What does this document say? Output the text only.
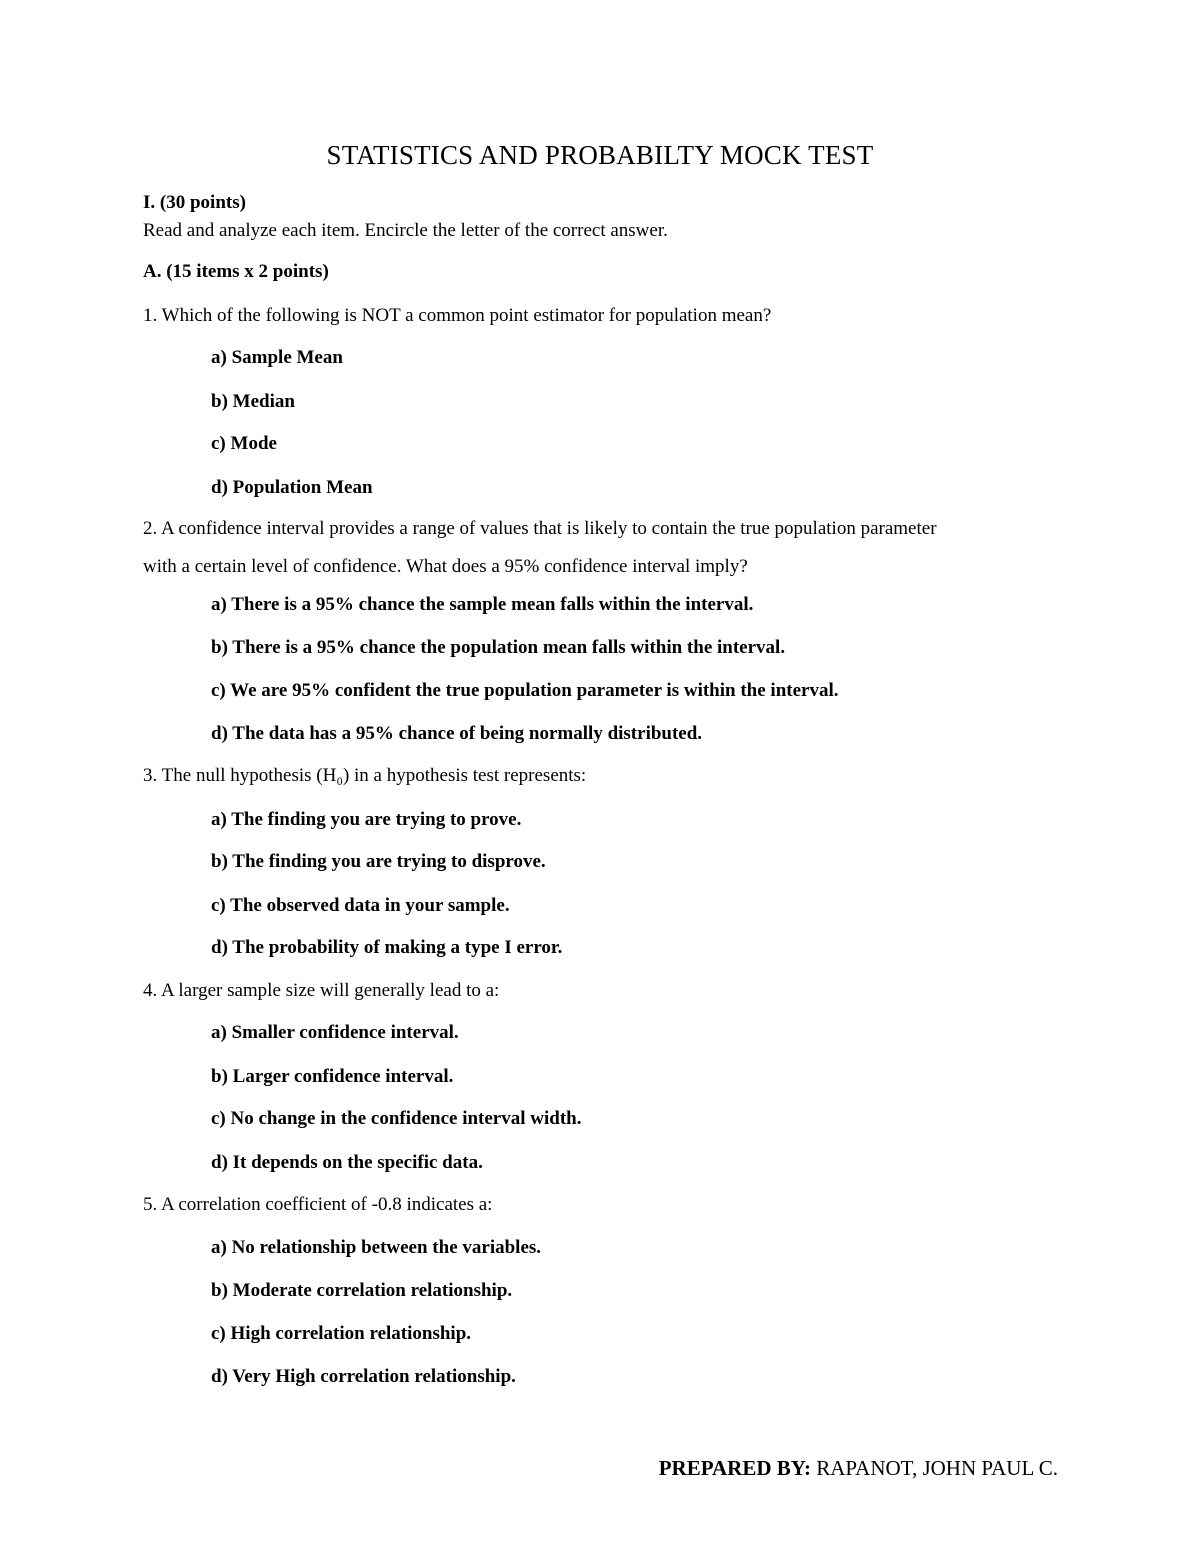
STATISTICS AND PROBABILTY MOCK TEST
I. (30 points)
Read and analyze each item. Encircle the letter of the correct answer.
A. (15 items x 2 points)
1. Which of the following is NOT a common point estimator for population mean?
a) Sample Mean
b) Median
c) Mode
d) Population Mean
2. A confidence interval provides a range of values that is likely to contain the true population parameter
with a certain level of confidence. What does a 95% confidence interval imply?
a) There is a 95% chance the sample mean falls within the interval.
b) There is a 95% chance the population mean falls within the interval.
c) We are 95% confident the true population parameter is within the interval.
d) The data has a 95% chance of being normally distributed.
3. The null hypothesis (H₀) in a hypothesis test represents:
a) The finding you are trying to prove.
b) The finding you are trying to disprove.
c) The observed data in your sample.
d) The probability of making a type I error.
4. A larger sample size will generally lead to a:
a) Smaller confidence interval.
b) Larger confidence interval.
c) No change in the confidence interval width.
d) It depends on the specific data.
5. A correlation coefficient of -0.8 indicates a:
a) No relationship between the variables.
b) Moderate correlation relationship.
c) High correlation relationship.
d) Very High correlation relationship.
PREPARED BY: RAPANOT, JOHN PAUL C.
